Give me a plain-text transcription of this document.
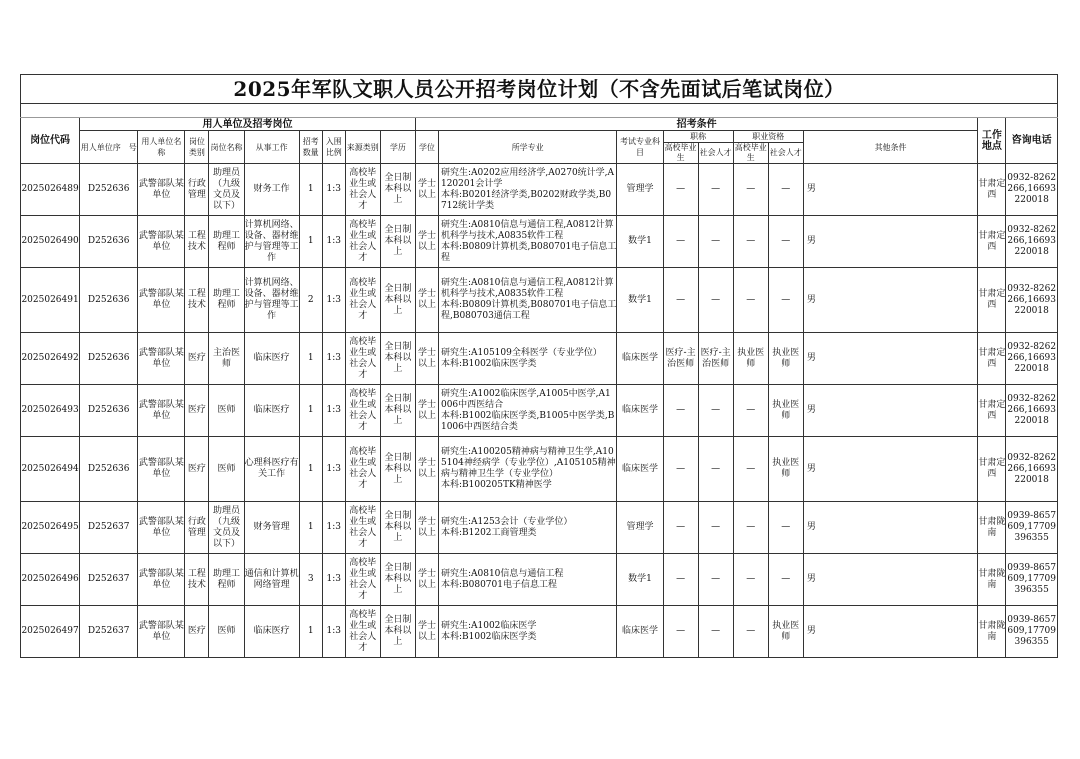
2025年军队文职人员公开招考岗位计划（不含先面试后笔试岗位）																			

岗位代码	用人单位及招考岗位									招考条件								工作地点	咨询电话
	用人单位序　号	用人单位名　称	岗位类别	岗位名称	从事工作	招考数量	入围比例	来源类别	学历	学位	所学专业	考试专业科　目	职称		职业资格		其他条件		
													高校毕业生	社会人才	高校毕业生	社会人才			

2025026489	D252636	武警部队某单位	行政管理	助理员（九级文员及以下）	财务工作	1	1:3	高校毕业生或社会人才	全日制本科以上	学士以上	研究生:A0202应用经济学,A0270统计学,A120201会计学
本科:B0201经济学类,B0202财政学类,B0712统计学类	管理学	—	—	—	—	男	甘肃定西	0932-8262266,16693220018
2025026490	D252636	武警部队某单位	工程技术	助理工程师	计算机网络、设备、器材维护与管理等工作	1	1:3	高校毕业生或社会人才	全日制本科以上	学士以上	研究生:A0810信息与通信工程,A0812计算机科学与技术,A0835软件工程
本科:B0809计算机类,B080701电子信息工程	数学1	—	—	—	—	男	甘肃定西	0932-8262266,16693220018
2025026491	D252636	武警部队某单位	工程技术	助理工程师	计算机网络、设备、器材维护与管理等工作	2	1:3	高校毕业生或社会人才	全日制本科以上	学士以上	研究生:A0810信息与通信工程,A0812计算机科学与技术,A0835软件工程
本科:B0809计算机类,B080701电子信息工程,B080703通信工程	数学1	—	—	—	—	男	甘肃定西	0932-8262266,16693220018
2025026492	D252636	武警部队某单位	医疗	主治医师	临床医疗	1	1:3	高校毕业生或社会人才	全日制本科以上	学士以上	研究生:A105109全科医学（专业学位）
本科:B1002临床医学类	临床医学	医疗-主治医师	医疗-主治医师	执业医师	执业医师	男	甘肃定西	0932-8262266,16693220018
2025026493	D252636	武警部队某单位	医疗	医师	临床医疗	1	1:3	高校毕业生或社会人才	全日制本科以上	学士以上	研究生:A1002临床医学,A1005中医学,A1006中西医结合
本科:B1002临床医学类,B1005中医学类,B1006中西医结合类	临床医学	—	—	—	执业医师	男	甘肃定西	0932-8262266,16693220018
2025026494	D252636	武警部队某单位	医疗	医师	心理科医疗有关工作	1	1:3	高校毕业生或社会人才	全日制本科以上	学士以上	研究生:A100205精神病与精神卫生学,A105104神经病学（专业学位）,A105105精神病与精神卫生学（专业学位）
本科:B100205TK精神医学	临床医学	—	—	—	执业医师	男	甘肃定西	0932-8262266,16693220018
2025026495	D252637	武警部队某单位	行政管理	助理员（九级文员及以下）	财务管理	1	1:3	高校毕业生或社会人才	全日制本科以上	学士以上	研究生:A1253会计（专业学位）
本科:B1202工商管理类	管理学	—	—	—	—	男	甘肃陇南	0939-8657609,17709396355
2025026496	D252637	武警部队某单位	工程技术	助理工程师	通信和计算机网络管理	3	1:3	高校毕业生或社会人才	全日制本科以上	学士以上	研究生:A0810信息与通信工程
本科:B080701电子信息工程	数学1	—	—	—	—	男	甘肃陇南	0939-8657609,17709396355
2025026497	D252637	武警部队某单位	医疗	医师	临床医疗	1	1:3	高校毕业生或社会人才	全日制本科以上	学士以上	研究生:A1002临床医学
本科:B1002临床医学类	临床医学	—	—	—	执业医师	男	甘肃陇南	0939-8657609,17709396355
